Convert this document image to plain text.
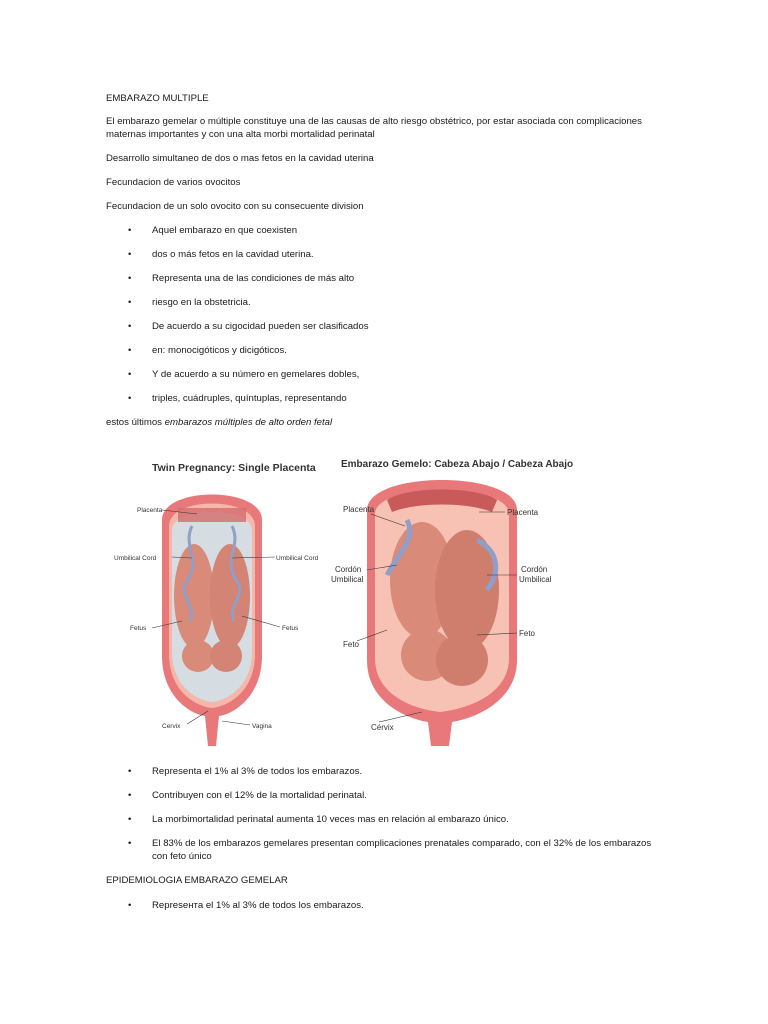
EMBARAZO MULTIPLE

El embarazo gemelar o múltiple constituye una de las causas de alto riesgo obstétrico, por estar asociada con complicaciones maternas importantes y con una alta morbi mortalidad perinatal

Desarrollo simultaneo de dos o mas fetos en la cavidad uterina

Fecundacion de varios ovocitos

Fecundacion de un solo ovocito con su consecuente division

•	Aquel embarazo en que coexisten
•	dos o más fetos en la cavidad uterina.
•	Representa una de las condiciones de más alto
•	riesgo en la obstetricia.
•	De acuerdo a su cigocidad pueden ser clasificados
•	en: monocigóticos y dicigóticos.
•	Y de acuerdo a su número en gemelares dobles,
•	triples, cuádruples, quíntuplas, representando

estos últimos embarazos múltiples de alto orden fetal

Twin Pregnancy: Single Placenta
Placenta
Umbilical Cord	Umbilical Cord
Fetus	Fetus
Cervix	Vagina
Embarazo Gemelo: Cabeza Abajo / Cabeza Abajo
Placenta	Placenta
Cordón
Umbilical
Cordón
Umbilical
Feto
Feto
Cérvix
•	Representa el 1% al 3% de todos los embarazos.
•	Contribuyen con el 12% de la mortalidad perinatal.
•	La morbimortalidad perinatal aumenta 10 veces mas en relación al embarazo único.
•	El 83% de los embarazos gemelares presentan complicaciones prenatales comparado, con el 32% de los embarazos con feto único

EPIDEMIOLOGIA EMBARAZO GEMELAR

•	Represента el 1% al 3% de todos los embarazos.
